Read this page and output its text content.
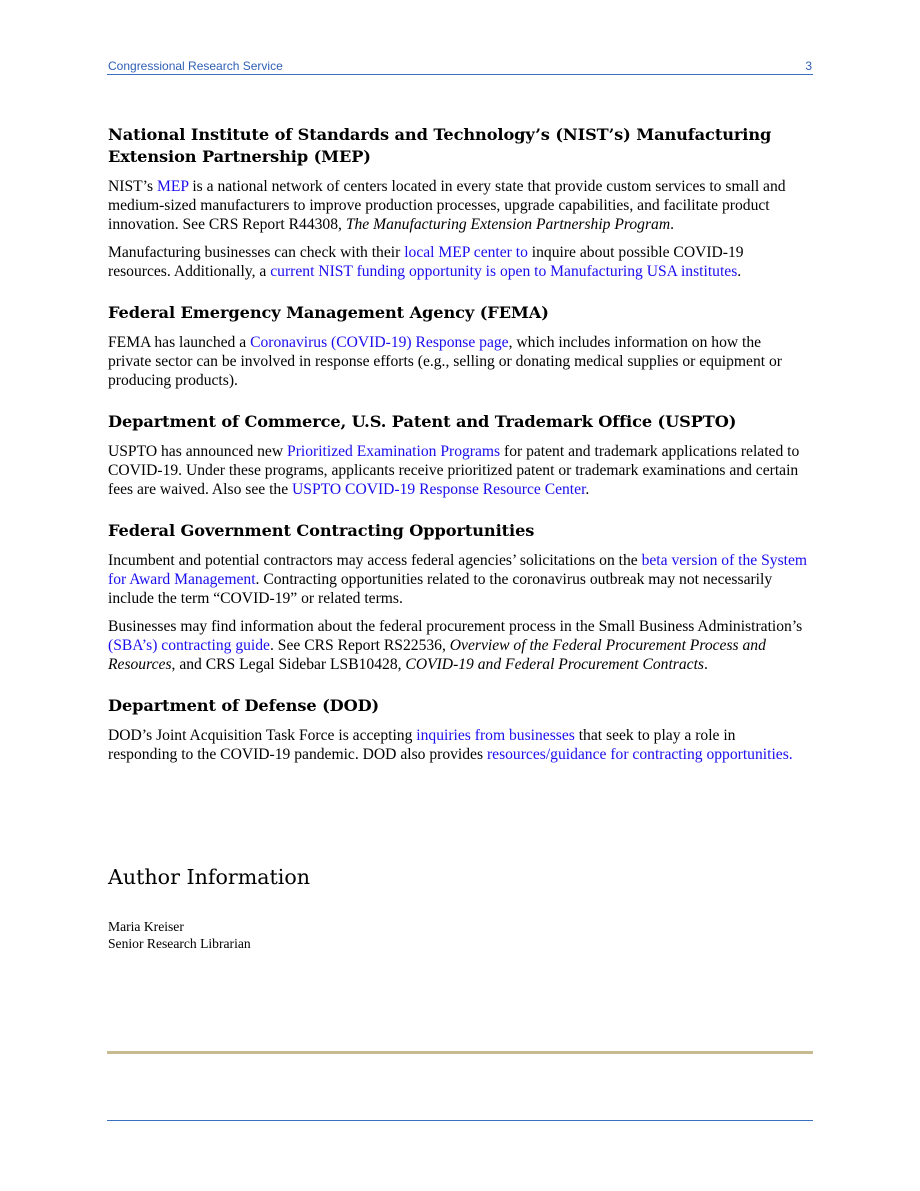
Congressional Research Service	3
National Institute of Standards and Technology’s (NIST’s) Manufacturing Extension Partnership (MEP)

NIST’s MEP is a national network of centers located in every state that provide custom services to small and medium-sized manufacturers to improve production processes, upgrade capabilities, and facilitate product innovation. See CRS Report R44308, The Manufacturing Extension Partnership Program.

Manufacturing businesses can check with their local MEP center to inquire about possible COVID-19 resources. Additionally, a current NIST funding opportunity is open to Manufacturing USA institutes.

Federal Emergency Management Agency (FEMA)

FEMA has launched a Coronavirus (COVID-19) Response page, which includes information on how the private sector can be involved in response efforts (e.g., selling or donating medical supplies or equipment or producing products).

Department of Commerce, U.S. Patent and Trademark Office (USPTO)

USPTO has announced new Prioritized Examination Programs for patent and trademark applications related to COVID-19. Under these programs, applicants receive prioritized patent or trademark examinations and certain fees are waived. Also see the USPTO COVID-19 Response Resource Center.

Federal Government Contracting Opportunities

Incumbent and potential contractors may access federal agencies’ solicitations on the beta version of the System for Award Management. Contracting opportunities related to the coronavirus outbreak may not necessarily include the term “COVID-19” or related terms.

Businesses may find information about the federal procurement process in the Small Business Administration’s (SBA’s) contracting guide. See CRS Report RS22536, Overview of the Federal Procurement Process and Resources, and CRS Legal Sidebar LSB10428, COVID-19 and Federal Procurement Contracts.

Department of Defense (DOD)

DOD’s Joint Acquisition Task Force is accepting inquiries from businesses that seek to play a role in responding to the COVID-19 pandemic. DOD also provides resources/guidance for contracting opportunities.

Author Information
Maria Kreiser
Senior Research Librarian
